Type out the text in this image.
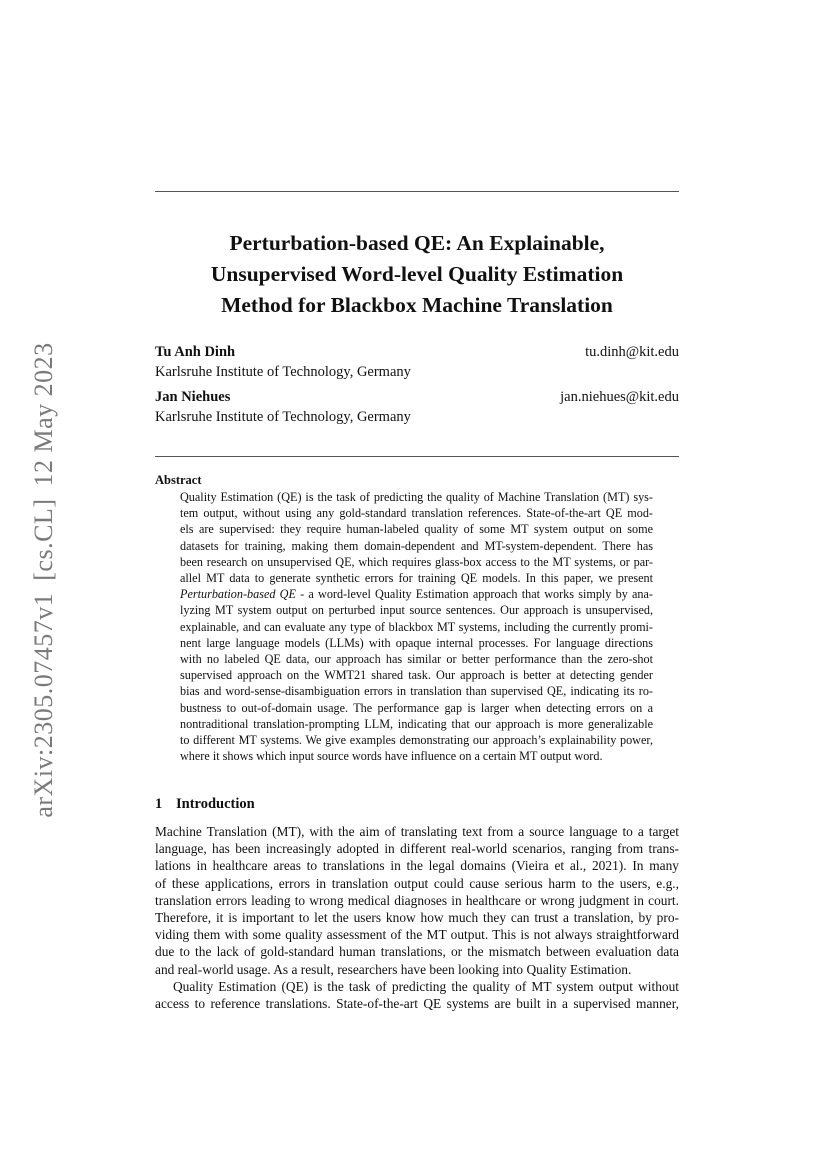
arXiv:2305.07457v1[cs.CL]12 May 2023
Perturbation-based QE: An Explainable,
Unsupervised Word-level Quality Estimation
Method for Blackbox Machine Translation
Tu Anh Dinh	tu.dinh@kit.edu
Karlsruhe Institute of Technology, Germany
Jan Niehues	jan.niehues@kit.edu
Karlsruhe Institute of Technology, Germany
Abstract
Quality Estimation (QE) is the task of predicting the quality of Machine Translation (MT) sys-
tem output, without using any gold-standard translation references. State-of-the-art QE mod-
els are supervised: they require human-labeled quality of some MT system output on some
datasets for training, making them domain-dependent and MT-system-dependent. There has
been research on unsupervised QE, which requires glass-box access to the MT systems, or par-
allel MT data to generate synthetic errors for training QE models. In this paper, we present
Perturbation-based QE - a word-level Quality Estimation approach that works simply by ana-
lyzing MT system output on perturbed input source sentences. Our approach is unsupervised,
explainable, and can evaluate any type of blackbox MT systems, including the currently promi-
nent large language models (LLMs) with opaque internal processes. For language directions
with no labeled QE data, our approach has similar or better performance than the zero-shot
supervised approach on the WMT21 shared task. Our approach is better at detecting gender
bias and word-sense-disambiguation errors in translation than supervised QE, indicating its ro-
bustness to out-of-domain usage. The performance gap is larger when detecting errors on a
nontraditional translation-prompting LLM, indicating that our approach is more generalizable
to different MT systems. We give examples demonstrating our approach’s explainability power,
where it shows which input source words have influence on a certain MT output word.
1 Introduction
Machine Translation (MT), with the aim of translating text from a source language to a target
language, has been increasingly adopted in different real-world scenarios, ranging from trans-
lations in healthcare areas to translations in the legal domains (Vieira et al., 2021). In many
of these applications, errors in translation output could cause serious harm to the users, e.g.,
translation errors leading to wrong medical diagnoses in healthcare or wrong judgment in court.
Therefore, it is important to let the users know how much they can trust a translation, by pro-
viding them with some quality assessment of the MT output. This is not always straightforward
due to the lack of gold-standard human translations, or the mismatch between evaluation data
and real-world usage. As a result, researchers have been looking into Quality Estimation.
Quality Estimation (QE) is the task of predicting the quality of MT system output without
access to reference translations. State-of-the-art QE systems are built in a supervised manner,
